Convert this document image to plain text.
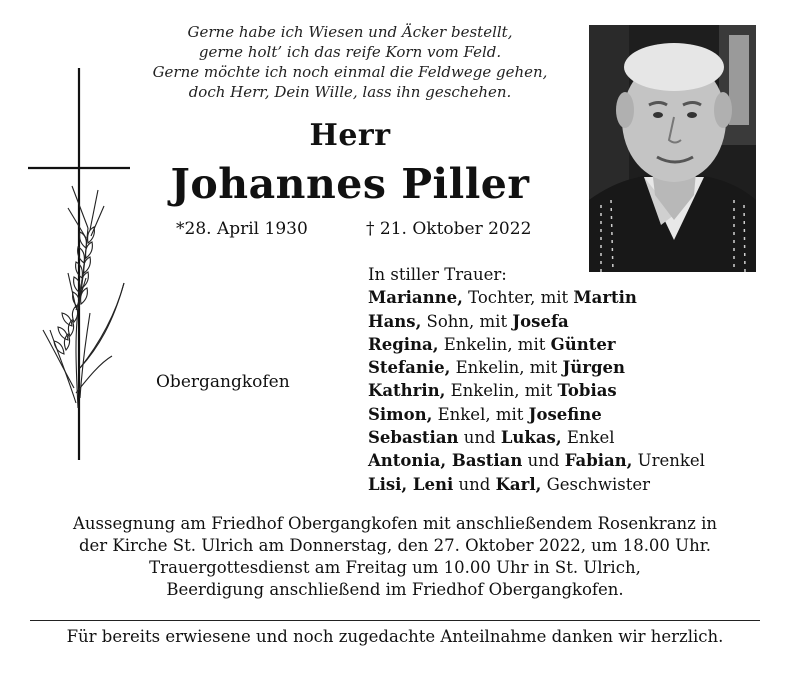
Gerne habe ich Wiesen und Äcker bestellt,
gerne holt’ ich das reife Korn vom Feld.
Gerne möchte ich noch einmal die Feldwege gehen,
doch Herr, Dein Wille, lass ihn geschehen.
Herr
Johannes Piller
*28. April 1930	† 21. Oktober 2022
Obergangkofen
In stiller Trauer:
Marianne, Tochter, mit Martin
Hans, Sohn, mit Josefa
Regina, Enkelin, mit Günter
Stefanie, Enkelin, mit Jürgen
Kathrin, Enkelin, mit Tobias
Simon, Enkel, mit Josefine
Sebastian und Lukas, Enkel
Antonia, Bastian und Fabian, Urenkel
Lisi, Leni und Karl, Geschwister
Aussegnung am Friedhof Obergangkofen mit anschließendem Rosenkranz in
der Kirche St. Ulrich am Donnerstag, den 27. Oktober 2022, um 18.00 Uhr.
Trauergottesdienst am Freitag um 10.00 Uhr in St. Ulrich,
Beerdigung anschließend im Friedhof Obergangkofen.
Für bereits erwiesene und noch zugedachte Anteilnahme danken wir herzlich.
